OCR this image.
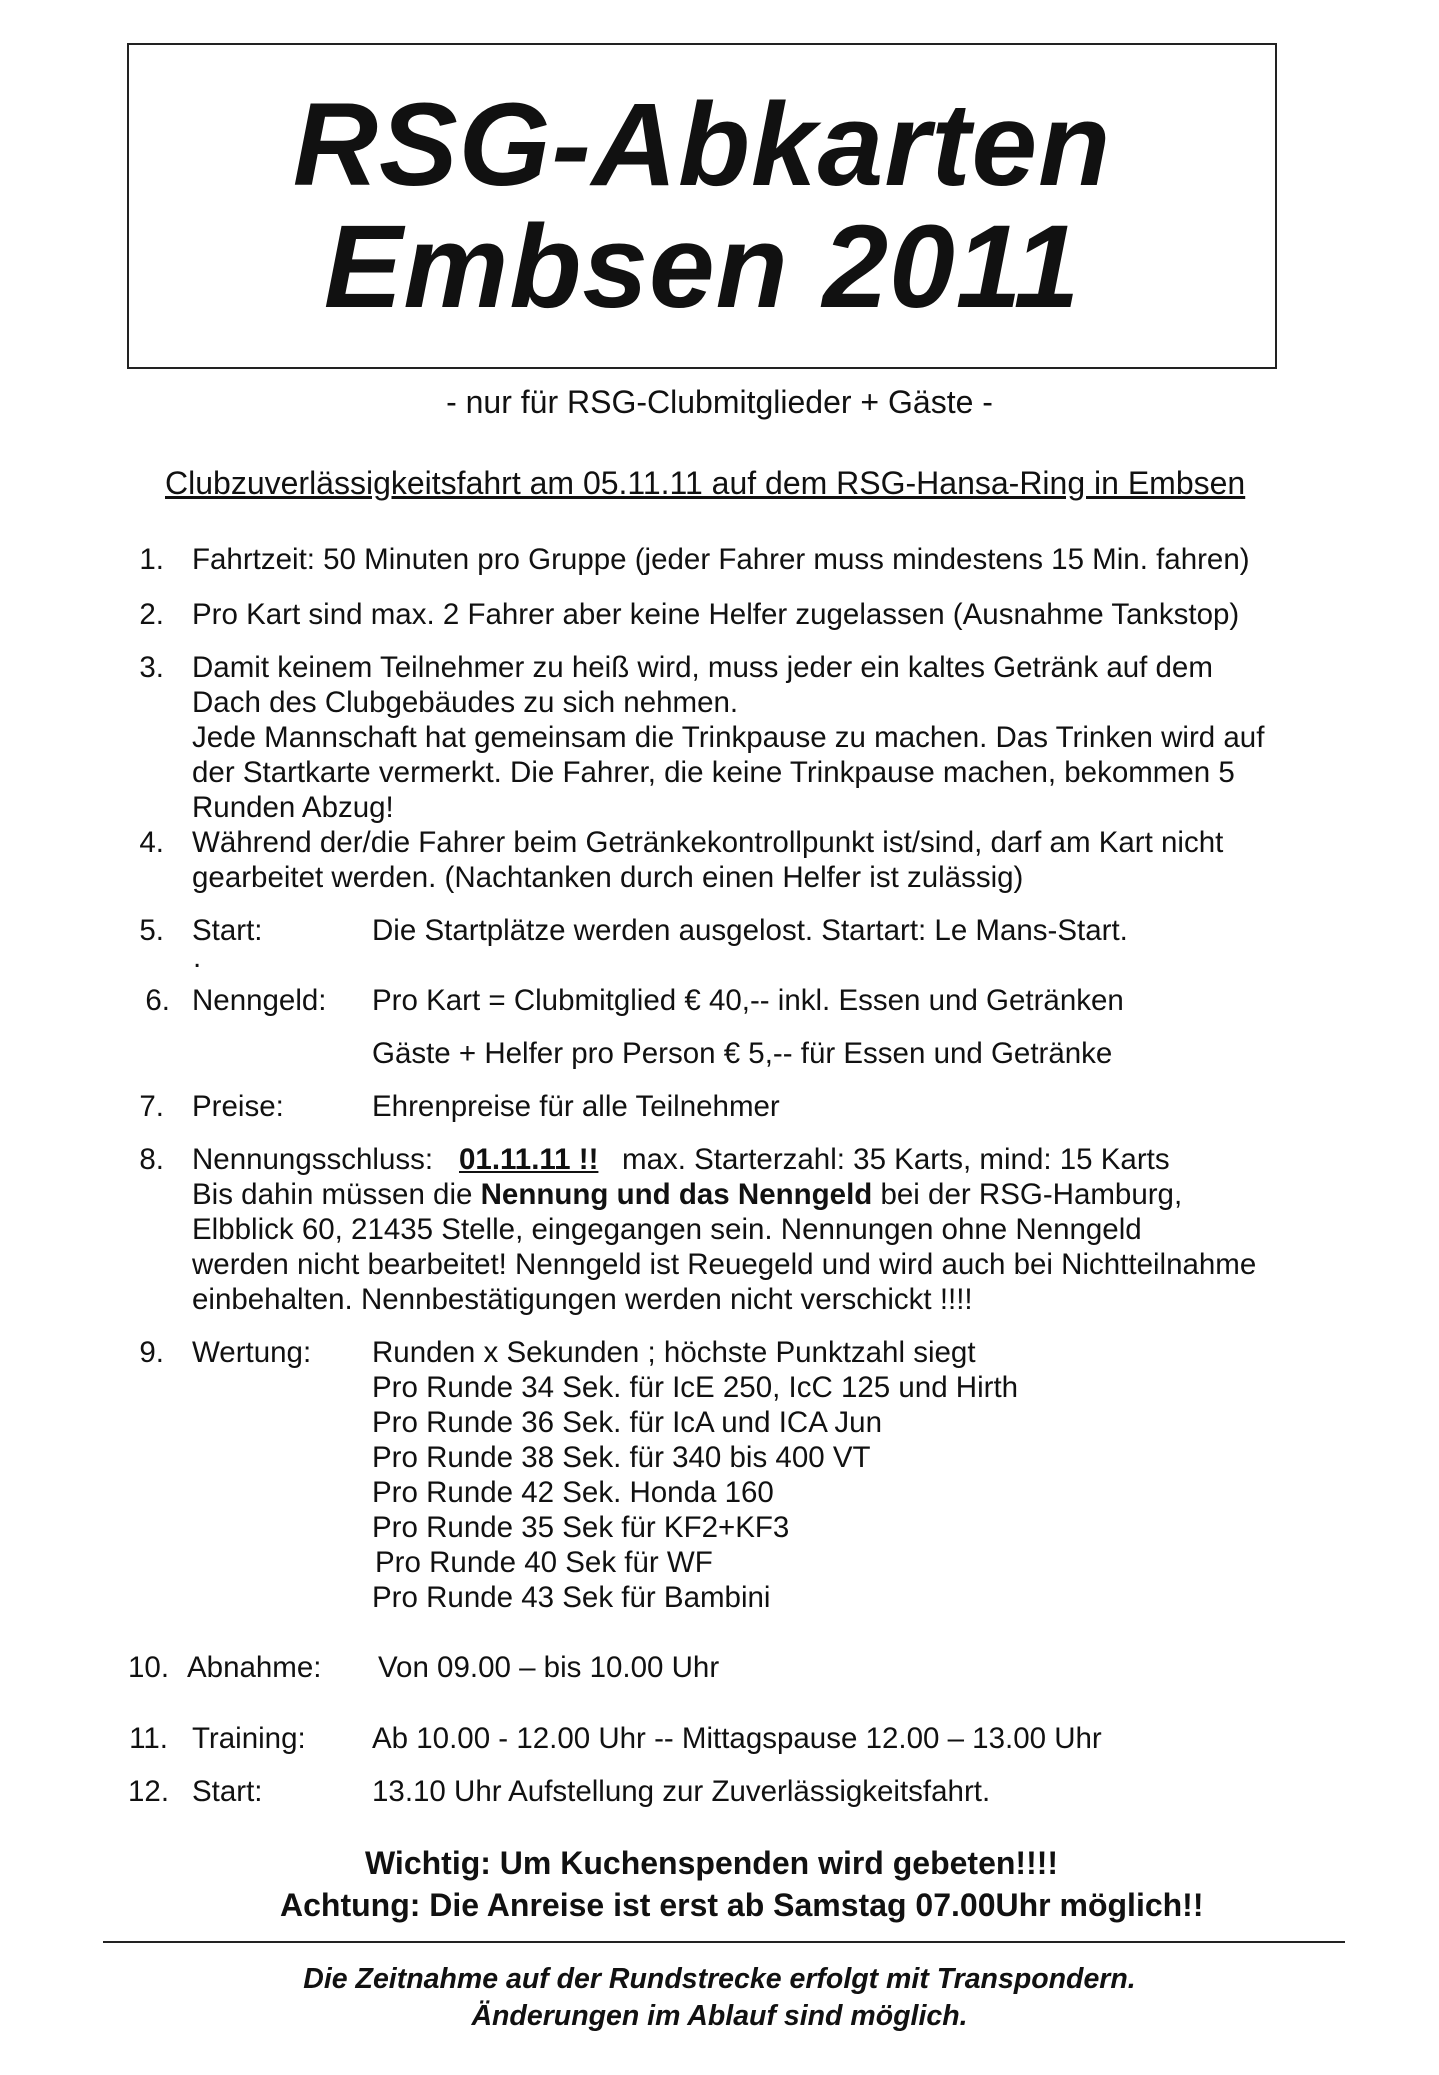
RSG-Abkarten
Embsen 2011
- nur für RSG-Clubmitglieder + Gäste -
Clubzuverlässigkeitsfahrt am 05.11.11 auf dem RSG-Hansa-Ring in Embsen
1. Fahrtzeit: 50 Minuten pro Gruppe (jeder Fahrer muss mindestens 15 Min. fahren)
2. Pro Kart sind max. 2 Fahrer aber keine Helfer zugelassen (Ausnahme Tankstop)
3. Damit keinem Teilnehmer zu heiß wird, muss jeder ein kaltes Getränk auf dem
Dach des Clubgebäudes zu sich nehmen.
Jede Mannschaft hat gemeinsam die Trinkpause zu machen. Das Trinken wird auf
der Startkarte vermerkt. Die Fahrer, die keine Trinkpause machen, bekommen 5
Runden Abzug!
4. Während der/die Fahrer beim Getränkekontrollpunkt ist/sind, darf am Kart nicht
gearbeitet werden. (Nachtanken durch einen Helfer ist zulässig)
5. Start:	Die Startplätze werden ausgelost. Startart: Le Mans-Start.
.
6. Nenngeld: Pro Kart = Clubmitglied € 40,-- inkl. Essen und Getränken
Gäste + Helfer pro Person € 5,-- für Essen und Getränke
7. Preise:	Ehrenpreise für alle Teilnehmer
8. Nennungsschluss: 01.11.11 !! max. Starterzahl: 35 Karts, mind: 15 Karts
Bis dahin müssen die Nennung und das Nenngeld bei der RSG-Hamburg,
Elbblick 60, 21435 Stelle, eingegangen sein. Nennungen ohne Nenngeld
werden nicht bearbeitet! Nenngeld ist Reuegeld und wird auch bei Nichtteilnahme
einbehalten. Nennbestätigungen werden nicht verschickt !!!!
9. Wertung: Runden x Sekunden ; höchste Punktzahl siegt
Pro Runde 34 Sek. für IcE 250, IcC 125 und Hirth
Pro Runde 36 Sek. für IcA und ICA Jun
Pro Runde 38 Sek. für 340 bis 400 VT
Pro Runde 42 Sek. Honda 160
Pro Runde 35 Sek für KF2+KF3
Pro Runde 40 Sek für WF
Pro Runde 43 Sek für Bambini
10. Abnahme: Von 09.00 – bis 10.00 Uhr
11. Training: Ab 10.00 - 12.00 Uhr -- Mittagspause 12.00 – 13.00 Uhr
12. Start:	13.10 Uhr Aufstellung zur Zuverlässigkeitsfahrt.
Wichtig: Um Kuchenspenden wird gebeten!!!!
Achtung: Die Anreise ist erst ab Samstag 07.00Uhr möglich!!
Die Zeitnahme auf der Rundstrecke erfolgt mit Transpondern.
Änderungen im Ablauf sind möglich.
